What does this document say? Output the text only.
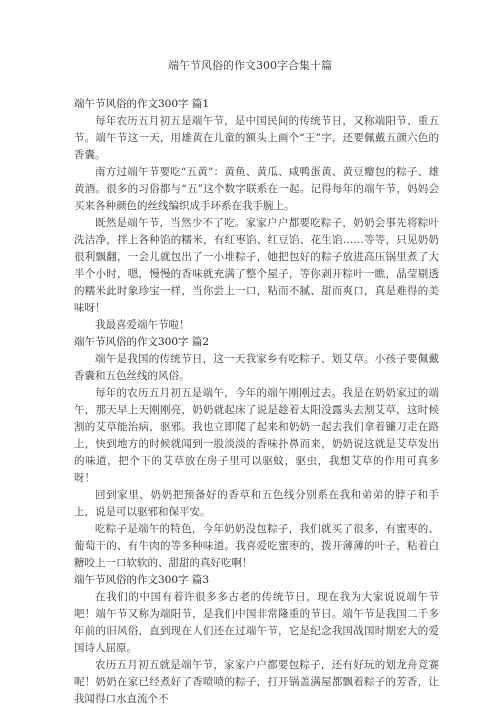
端午节风俗的作文300字合集十篇
端午节风俗的作文300字 篇1

每年农历五月初五是端午节，是中国民间的传统节日，又称端阳节、重五节。端午节这一天，用雄黄在儿童的额头上画个“王”字，还要佩戴五颜六色的香囊。

南方过端午节要吃“五黄”：黄鱼、黄瓜、咸鸭蛋黄、黄豆瓣包的粽子、雄黄酒。很多的习俗都与“五”这个数字联系在一起。记得每年的端午节，妈妈会买来各种颜色的丝线编织成手环系在我手腕上。

既然是端午节，当然少不了吃。家家户户都要吃粽子，奶奶会事先将粽叶洗洁净，拌上各种馅的糯米，有红枣馅、红豆馅、花生馅……等等，只见奶奶很利飘翻，一会儿就包出了一小堆粽子，她把包好的粽子放进高压锅里煮了大半个小时，嗯，慢慢的香味就充满了整个屋子，等你剥开粽叶一瞧，晶莹剔透的糯米此时象珍宝一样，当你尝上一口，粘而不腻、甜而爽口，真是难得的美味呀！

我最喜爱端午节啦！

端午节风俗的作文300字 篇2

端午是我国的传统节日，这一天我家乡有吃粽子、划艾草。小孩子要佩戴香囊和五色丝线的风俗。

每年的农历五月初五是端午，今年的端午刚刚过去。我是在奶奶家过的端午，那天早上天刚刚亮，奶奶就起床了说是趁着太阳没露头去割艾草，这时候割的艾草能治病，驱邪。我也立即爬了起来和奶奶一起去我们拿着镰刀走在路上，快到地方的时候就闻到一股淡淡的香味扑鼻而来，奶奶说这就是艾草发出的味道，把个下的艾草放在房子里可以驱蚊，驱虫，我想艾草的作用可真多呀！

回到家里，奶奶把预备好的香草和五色线分别系在我和弟弟的脖子和手上，说是可以驱邪和保平安。

吃粽子是端午的特色，今年奶奶没包粽子，我们就买了很多，有蜜枣的、葡萄干的、有牛肉的等多种味道。我喜爱吃蜜枣的，拨开薄薄的叶子，粘着白糖咬上一口软软的、甜甜的真好吃啊！

端午节风俗的作文300字 篇3

在我们的中国有着许很多多古老的传统节日，现在我为大家说说端午节吧！端午节又称为端阳节，是我们中国非常隆重的节日。端午节是我国二千多年前的旧风俗，直到现在人们还在过端午节，它是纪念我国战国时期宏大的爱国诗人屈原。

农历五月初五就是端午节，家家户户都要包粽子，还有好玩的划龙舟竞赛呢！奶奶在家已经煮好了香喷喷的粽子，打开锅盖满屋都飘着粽子的芳香，让我闻得口水直流个不
